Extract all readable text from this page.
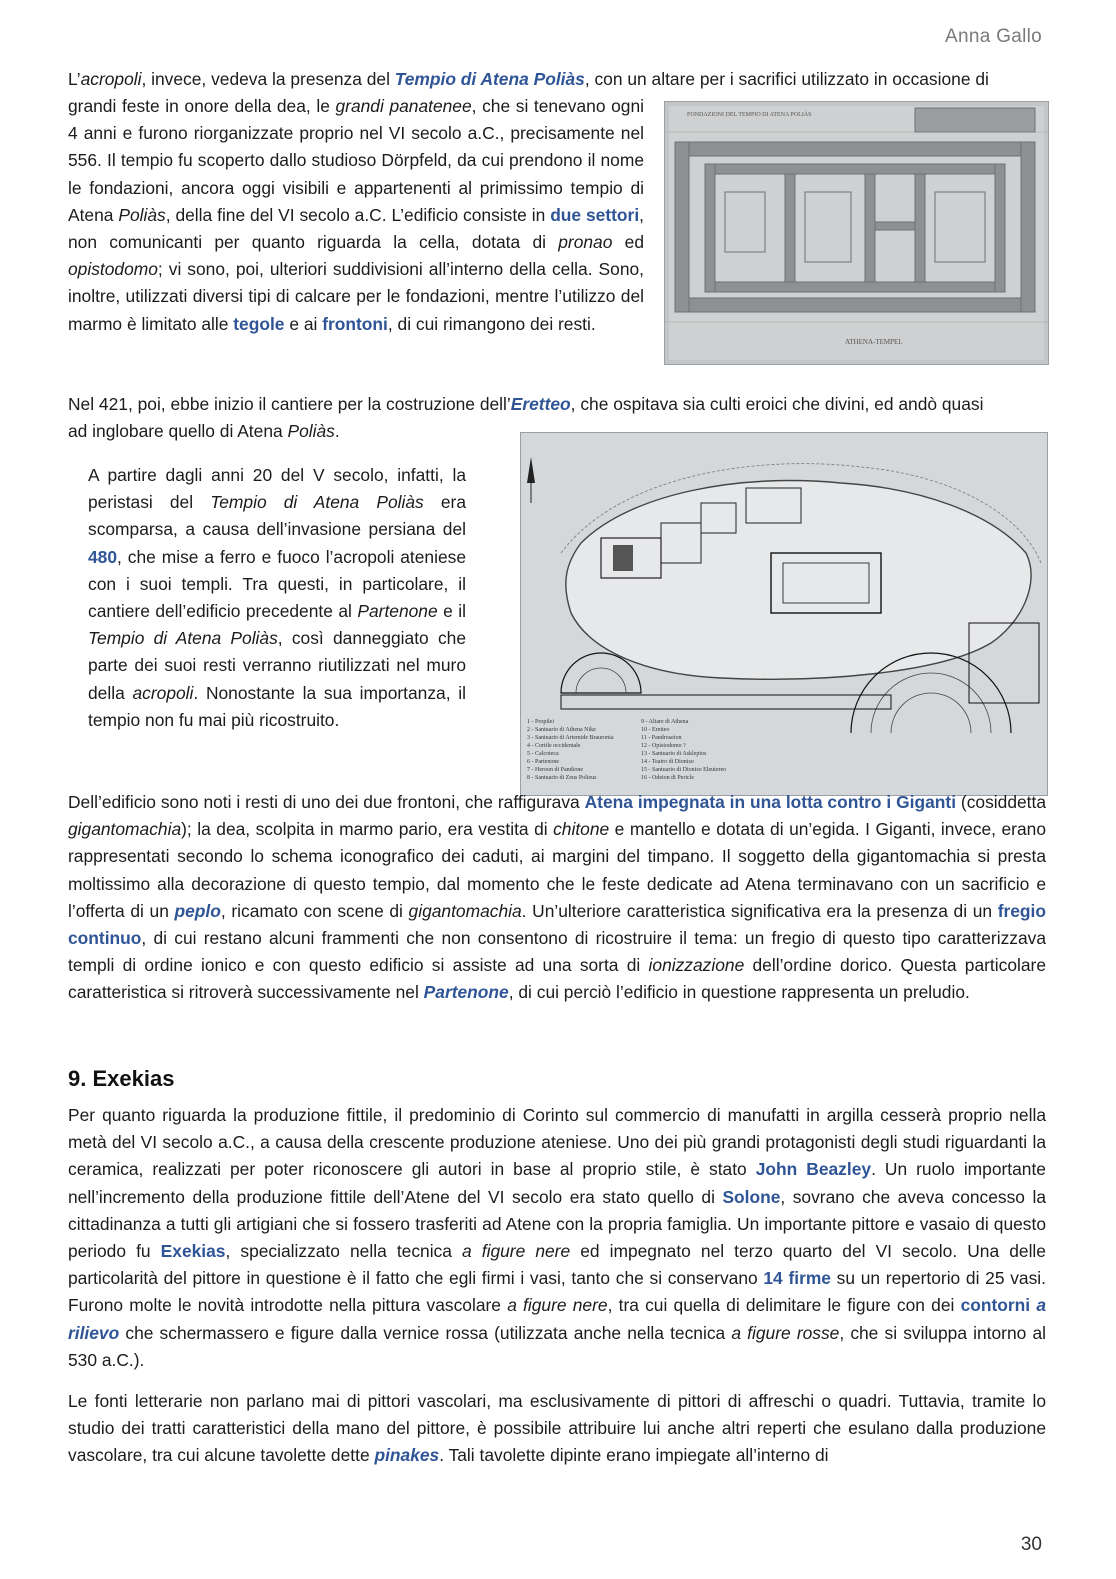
Anna Gallo
L’acropoli, invece, vedeva la presenza del Tempio di Atena Poliàs, con un altare per i sacrifici utilizzato in occasione di
grandi feste in onore della dea, le grandi panatenee, che si tenevano ogni 4 anni e furono riorganizzate proprio nel VI secolo a.C., precisamente nel 556. Il tempio fu scoperto dallo studioso Dörpfeld, da cui prendono il nome le fondazioni, ancora oggi visibili e appartenenti al primissimo tempio di Atena Poliàs, della fine del VI secolo a.C. L’edificio consiste in due settori, non comunicanti per quanto riguarda la cella, dotata di pronao ed opistodomo; vi sono, poi, ulteriori suddivisioni all’interno della cella. Sono, inoltre, utilizzati diversi tipi di calcare per le fondazioni, mentre l’utilizzo del marmo è limitato alle tegole e ai frontoni, di cui rimangono dei resti.
FONDAZIONI DEL TEMPIO DI ATENA POLIÀS
ATHENA-TEMPEL
Nel 421, poi, ebbe inizio il cantiere per la costruzione dell’Eretteo, che ospitava sia culti eroici che divini, ed andò quasi
ad inglobare quello di Atena Poliàs.
1 - Propilei
2 - Santuario di Athena Nike
3 - Santuario di Artemide Brauronia
4 - Cortile occidentale
5 - Calcoteca
6 - Partenone
7 - Heroon di Pandione
8 - Santuario di Zeus Polieus
9 - Altare di Athena
10 - Eretteo
11 - Pandroseion
12 - Opistodomo ?
13 - Santuario di Asklepios
14 - Teatro di Dioniso
15 - Santuario di Dioniso Eleutereo
16 - Odeion di Pericle
A partire dagli anni 20 del V secolo, infatti, la peristasi del Tempio di Atena Poliàs era scomparsa, a causa dell’invasione persiana del 480, che mise a ferro e fuoco l’acropoli ateniese con i suoi templi. Tra questi, in particolare, il cantiere dell’edificio precedente al Partenone e il Tempio di Atena Poliàs, così danneggiato che parte dei suoi resti verranno riutilizzati nel muro della acropoli. Nonostante la sua importanza, il tempio non fu mai più ricostruito.
Dell’edificio sono noti i resti di uno dei due frontoni, che raffigurava Atena impegnata in una lotta contro i Giganti (cosiddetta gigantomachia); la dea, scolpita in marmo pario, era vestita di chitone e mantello e dotata di un’egida. I Giganti, invece, erano rappresentati secondo lo schema iconografico dei caduti, ai margini del timpano. Il soggetto della gigantomachia si presta moltissimo alla decorazione di questo tempio, dal momento che le feste dedicate ad Atena terminavano con un sacrificio e l’offerta di un peplo, ricamato con scene di gigantomachia. Un’ulteriore caratteristica significativa era la presenza di un fregio continuo, di cui restano alcuni frammenti che non consentono di ricostruire il tema: un fregio di questo tipo caratterizzava templi di ordine ionico e con questo edificio si assiste ad una sorta di ionizzazione dell’ordine dorico. Questa particolare caratteristica si ritroverà successivamente nel Partenone, di cui perciò l’edificio in questione rappresenta un preludio.
9. Exekias
Per quanto riguarda la produzione fittile, il predominio di Corinto sul commercio di manufatti in argilla cesserà proprio nella metà del VI secolo a.C., a causa della crescente produzione ateniese. Uno dei più grandi protagonisti degli studi riguardanti la ceramica, realizzati per poter riconoscere gli autori in base al proprio stile, è stato John Beazley. Un ruolo importante nell’incremento della produzione fittile dell’Atene del VI secolo era stato quello di Solone, sovrano che aveva concesso la cittadinanza a tutti gli artigiani che si fossero trasferiti ad Atene con la propria famiglia. Un importante pittore e vasaio di questo periodo fu Exekias, specializzato nella tecnica a figure nere ed impegnato nel terzo quarto del VI secolo. Una delle particolarità del pittore in questione è il fatto che egli firmi i vasi, tanto che si conservano 14 firme su un repertorio di 25 vasi. Furono molte le novità introdotte nella pittura vascolare a figure nere, tra cui quella di delimitare le figure con dei contorni a rilievo che schermassero e figure dalla vernice rossa (utilizzata anche nella tecnica a figure rosse, che si sviluppa intorno al 530 a.C.).
Le fonti letterarie non parlano mai di pittori vascolari, ma esclusivamente di pittori di affreschi o quadri. Tuttavia, tramite lo studio dei tratti caratteristici della mano del pittore, è possibile attribuire lui anche altri reperti che esulano dalla produzione vascolare, tra cui alcune tavolette dette pinakes. Tali tavolette dipinte erano impiegate all’interno di
30
